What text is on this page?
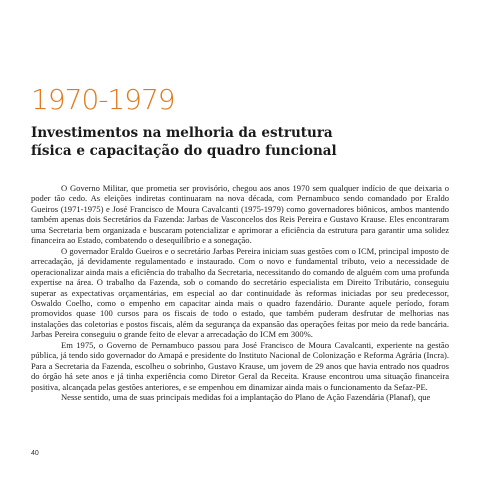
1970-1979
Investimentos na melhoria da estrutura
física e capacitação do quadro funcional

O Governo Militar, que prometia ser provisório, chegou aos anos 1970 sem qualquer indício de que deixaria o poder tão cedo. As eleições indiretas continuaram na nova década, com Pernambuco sendo comandado por Eraldo Gueiros (1971-1975) e José Francisco de Moura Cavalcanti (1975-1979) como governadores biônicos, ambos mantendo também apenas dois Secretários da Fazenda: Jarbas de Vasconcelos dos Reis Pereira e Gustavo Krause. Eles encontraram uma Secretaria bem organizada e buscaram potencializar e aprimorar a eficiência da estrutura para garantir uma solidez financeira ao Estado, combatendo o desequilíbrio e a sonegação.

O governador Eraldo Gueiros e o secretário Jarbas Pereira iniciam suas gestões com o ICM, principal imposto de arrecadação, já devidamente regulamentado e instaurado. Com o novo e fundamental tributo, veio a necessidade de operacionalizar ainda mais a eficiência do trabalho da Secretaria, necessitando do comando de alguém com uma profunda expertise na área. O trabalho da Fazenda, sob o comando do secretário especialista em Direito Tributário, conseguiu superar as expectativas orçamentárias, em especial ao dar continuidade às reformas iniciadas por seu predecessor, Oswaldo Coelho, como o empenho em capacitar ainda mais o quadro fazendário. Durante aquele período, foram promovidos quase 100 cursos para os fiscais de todo o estado, que também puderam desfrutar de melhorias nas instalações das coletorias e postos fiscais, além da segurança da expansão das operações feitas por meio da rede bancária. Jarbas Pereira conseguiu o grande feito de elevar a arrecadação do ICM em 300%.

Em 1975, o Governo de Pernambuco passou para José Francisco de Moura Cavalcanti, experiente na gestão pública, já tendo sido governador do Amapá e presidente do Instituto Nacional de Colonização e Reforma Agrária (Incra). Para a Secretaria da Fazenda, escolheu o sobrinho, Gustavo Krause, um jovem de 29 anos que havia entrado nos quadros do órgão há sete anos e já tinha experiência como Diretor Geral da Receita. Krause encontrou uma situação financeira positiva, alcançada pelas gestões anteriores, e se empenhou em dinamizar ainda mais o funcionamento da Sefaz-PE.

Nesse sentido, uma de suas principais medidas foi a implantação do Plano de Ação Fazendária (Planaf), que

40
